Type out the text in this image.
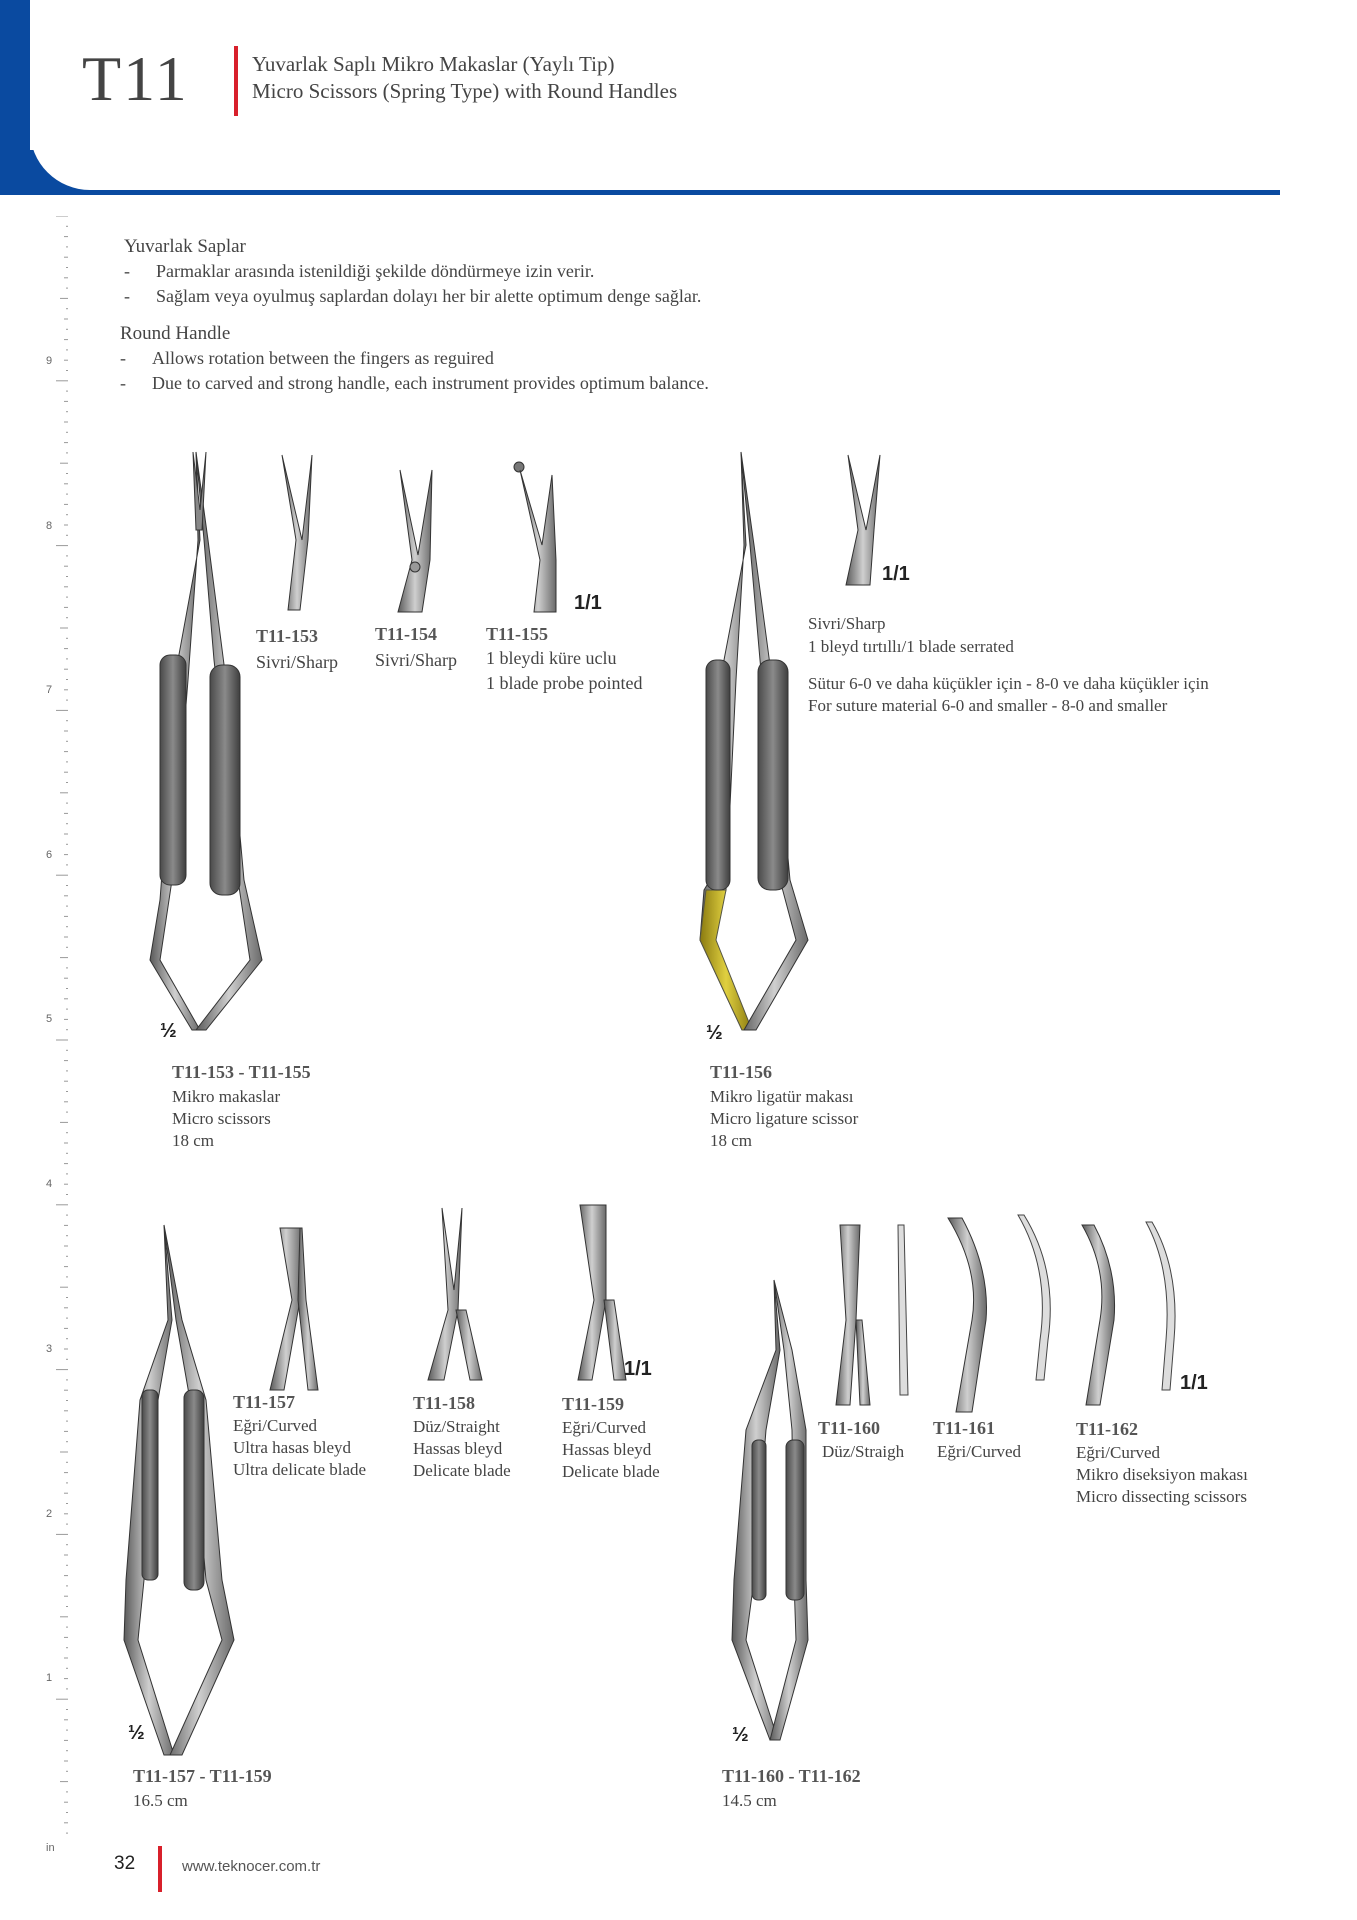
T11	Yuvarlak Saplı Mikro Makaslar (Yaylı Tip)
Micro Scissors (Spring Type) with Round Handles
9
8
7
6
5
4
3
2
1
in
Yuvarlak Saplar
- Parmaklar arasında istenildiği şekilde döndürmeye izin verir.
- Sağlam veya oyulmuş saplardan dolayı her bir alette optimum denge sağlar.
Round Handle
- Allows rotation between the fingers as reguired
- Due to carved and strong handle, each instrument provides optimum balance.
½
1/1
½
1/1
½
1/1
½
1/1
T11-153
Sivri/Sharp
T11-154
Sivri/Sharp
T11-155
1 bleydi küre uclu
1 blade probe pointed
Sivri/Sharp
1 bleyd tırtıllı/1 blade serrated
Sütur 6-0 ve daha küçükler için - 8-0 ve daha küçükler için
For suture material 6-0 and smaller - 8-0 and smaller
T11-153 - T11-155
Mikro makaslar
Micro scissors
18 cm
T11-156
Mikro ligatür makası
Micro ligature scissor
18 cm
T11-157
Eğri/Curved
Ultra hasas bleyd
Ultra delicate blade
T11-158
Düz/Straight
Hassas bleyd
Delicate blade
T11-159
Eğri/Curved
Hassas bleyd
Delicate blade
T11-160
Düz/Straigh
T11-161
Eğri/Curved
T11-162
Eğri/Curved
Mikro diseksiyon makası
Micro dissecting scissors
T11-157 - T11-159
16.5 cm
T11-160 - T11-162
14.5 cm
32	www.teknocer.com.tr
